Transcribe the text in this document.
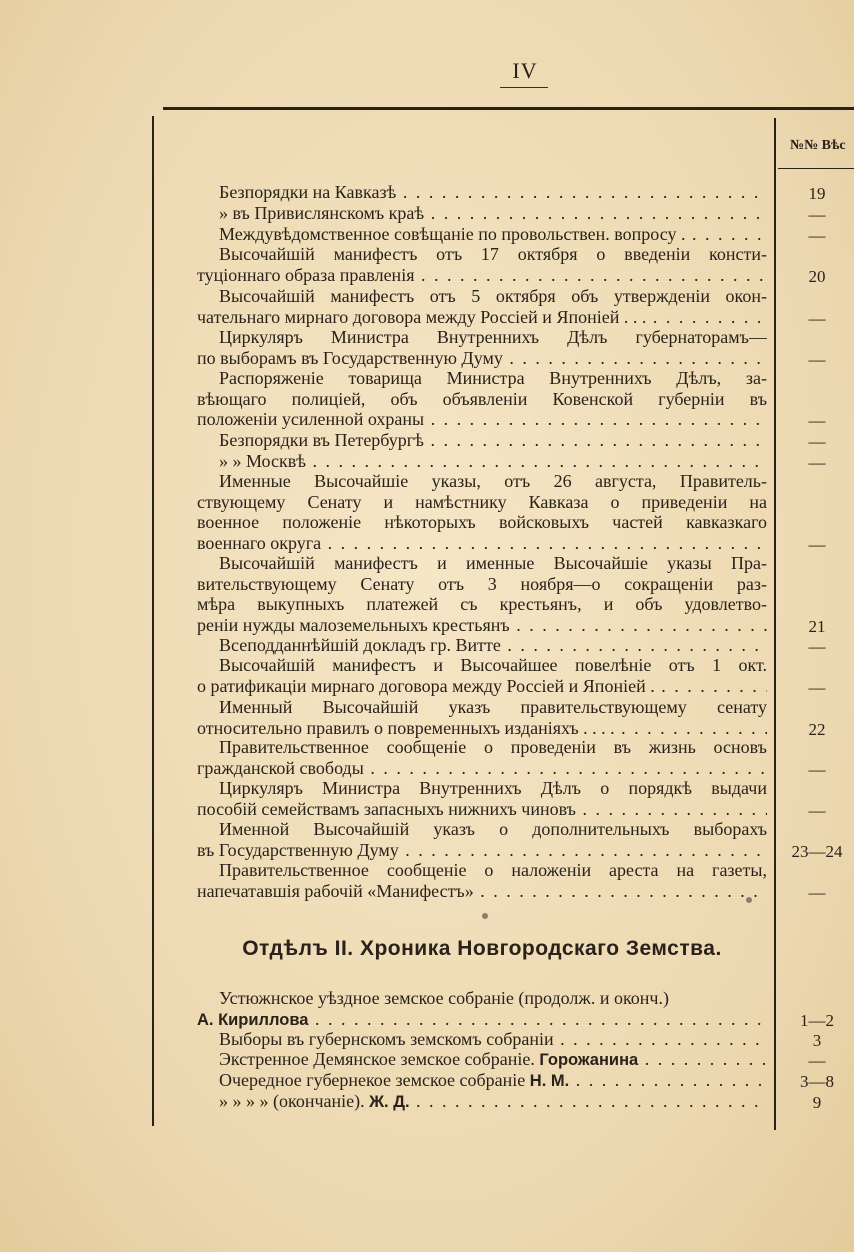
IV
№№ Вѣс
Безпорядки на Кавказѣ . . .	19
» въ Привислянскомъ краѣ . . .	—
Междувѣдомственное совѣщаніе по провольствен. вопросу . . . .	—
Высочайшій манифестъ отъ 17 октября о введеніи консти-
туціоннаго образа правленія . . .	20
Высочайшій манифестъ отъ 5 октября объ утвержденіи окон-
чательнаго мирнаго договора между Россіей и Японіей . . . . . .	—
Циркуляръ Министра Внутреннихъ Дѣлъ губернаторамъ—
по выборамъ въ Государственную Думу . . .	—
Распоряженіе товарища Министра Внутреннихъ Дѣлъ, за-
вѣющаго полиціей, объ объявленіи Ковенской губерніи въ
положеніи усиленной охраны . . .	—
Безпорядки въ Петербургѣ . . .	—
» » Москвѣ . . .	—
Именные Высочайшіе указы, отъ 26 августа, Правитель-
ствующему Сенату и намѣстнику Кавказа о приведеніи на
военное положеніе нѣкоторыхъ войсковыхъ частей кавказкаго
военнаго округа . . .	—
Высочайшій манифестъ и именные Высочайшіе указы Пра-
вительствующему Сенату отъ 3 ноября—о сокращеніи раз-
мѣра выкупныхъ платежей съ крестьянъ, и объ удовлетво-
реніи нужды малоземельныхъ крестьянъ . . .	21
Всеподданнѣйшій докладъ гр. Витте . . .	—
Высочайшій манифестъ и Высочайшее повелѣніе отъ 1 окт.
о ратификаціи мирнаго договора между Россіей и Японіей . . . .	—
Именный Высочайшій указъ правительствующему сенату
относительно правилъ о повременныхъ изданіяхъ . . . . . . .	22
Правительственное сообщеніе о проведеніи въ жизнь основъ
гражданской свободы . . .	—
Циркуляръ Министра Внутреннихъ Дѣлъ о порядкѣ выдачи
пособій семействамъ запасныхъ нижнихъ чиновъ . . .	—
Именной Высочайшій указъ о дополнительныхъ выборахъ
въ Государственную Думу . . .	23—24
Правительственное сообщеніе о наложеніи ареста на газеты,
напечатавшія рабочій «Манифестъ» . . .	—
Отдѣлъ II. Хроника Новгородскаго Земства.
Устюжнское уѣздное земское собраніе (продолж. и оконч.)
А. Кириллова . . .	1—2
Выборы въ губернскомъ земскомъ собраніи . . .	3
Экстренное Демянское земское собраніе. Горожанина . . .	—
Очередное губернекое земское собраніе Н. М. . . .	3—8
» » » » (окончаніе). Ж. Д. . . .	9
